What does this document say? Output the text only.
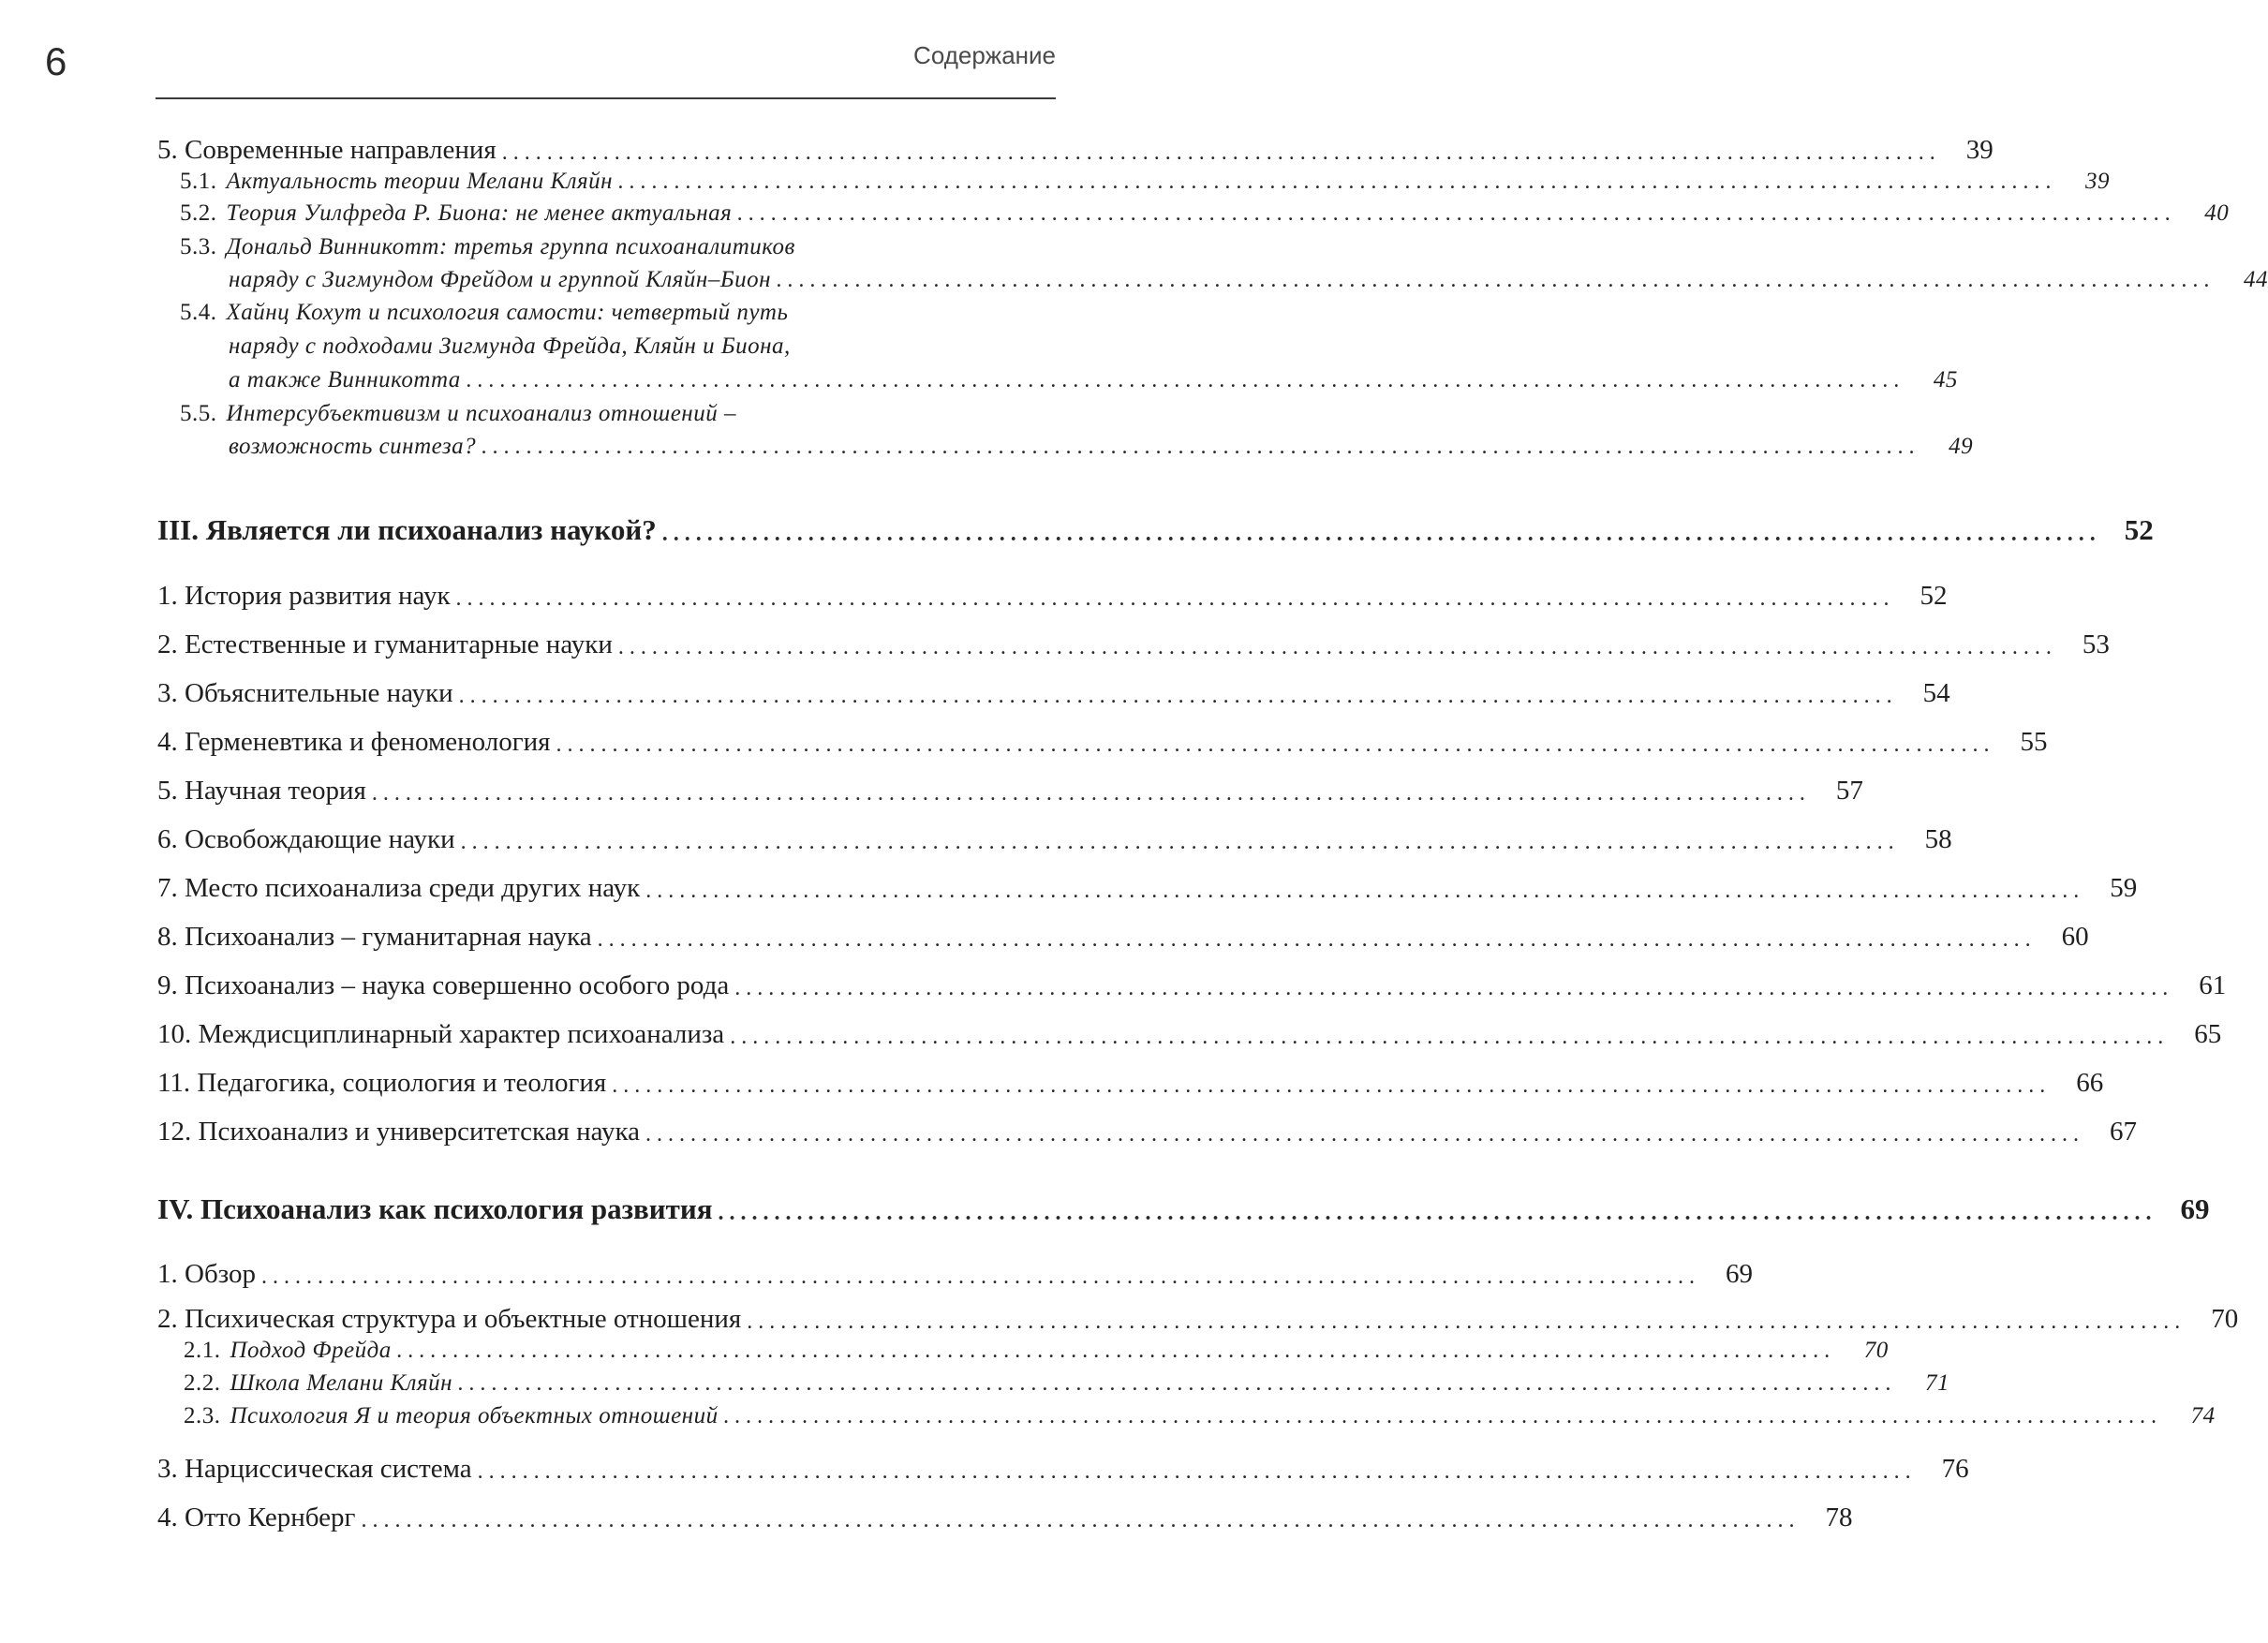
6	Содержание
5. Современные направления ................................................................................................................................ 39
5.1. Актуальность теории Мелани Кляйн ................................................................................................................................	39
5.2. Теория Уилфреда Р. Биона: не менее актуальная ................................................................................................................................	40
5.3. Дональд Винникотт: третья группа психоаналитиков
наряду с Зигмундом Фрейдом и группой Кляйн–Бион ................................................................................................................................	44
5.4. Хайнц Кохут и психология самости: четвертый путь
наряду с подходами Зигмунда Фрейда, Кляйн и Биона,
а также Винникотта ................................................................................................................................	45
5.5. Интерсубъективизм и психоанализ отношений –
возможность синтеза? ................................................................................................................................	49
III. Является ли психоанализ наукой? ................................................................................................................................ 52
1. История развития наук ................................................................................................................................ 52
2. Естественные и гуманитарные науки ................................................................................................................................ 53
3. Объяснительные науки ................................................................................................................................ 54
4. Герменевтика и феноменология ................................................................................................................................ 55
5. Научная теория ................................................................................................................................ 57
6. Освобождающие науки ................................................................................................................................ 58
7. Место психоанализа среди других наук ................................................................................................................................ 59
8. Психоанализ – гуманитарная наука ................................................................................................................................ 60
9. Психоанализ – наука совершенно особого рода ................................................................................................................................ 61
10. Междисциплинарный характер психоанализа ................................................................................................................................ 65
11. Педагогика, социология и теология ................................................................................................................................ 66
12. Психоанализ и университетская наука ................................................................................................................................ 67
IV. Психоанализ как психология развития ................................................................................................................................ 69
1. Обзор ................................................................................................................................ 69
2. Психическая структура и объектные отношения ................................................................................................................................ 70
2.1. Подход Фрейда ................................................................................................................................	70
2.2. Школа Мелани Кляйн ................................................................................................................................	71
2.3. Психология Я и теория объектных отношений ................................................................................................................................	74
3. Нарциссическая система ................................................................................................................................ 76
4. Отто Кернберг ................................................................................................................................ 78
